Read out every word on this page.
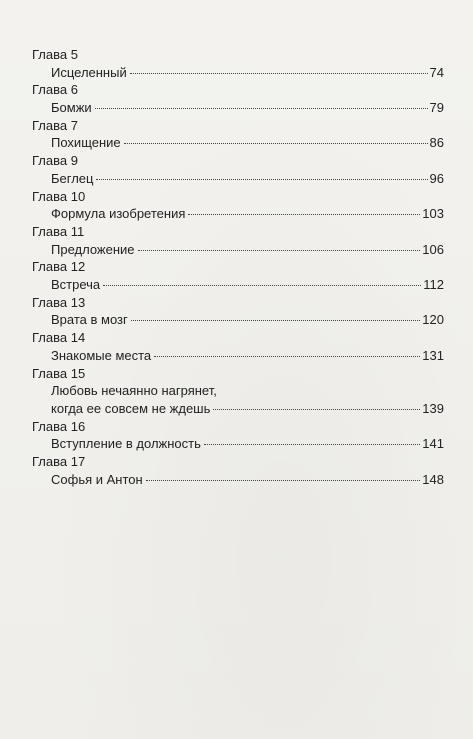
Глава 5
Исцеленный	74
Глава 6
Бомжи	79
Глава 7
Похищение	86
Глава 9
Беглец	96
Глава 10
Формула изобретения	103
Глава 11
Предложение	106
Глава 12
Встреча	112
Глава 13
Врата в мозг	120
Глава 14
Знакомые места	131
Глава 15
Любовь нечаянно нагрянет,
когда ее совсем не ждешь	139
Глава 16
Вступление в должность	141
Глава 17
Софья и Антон	148
